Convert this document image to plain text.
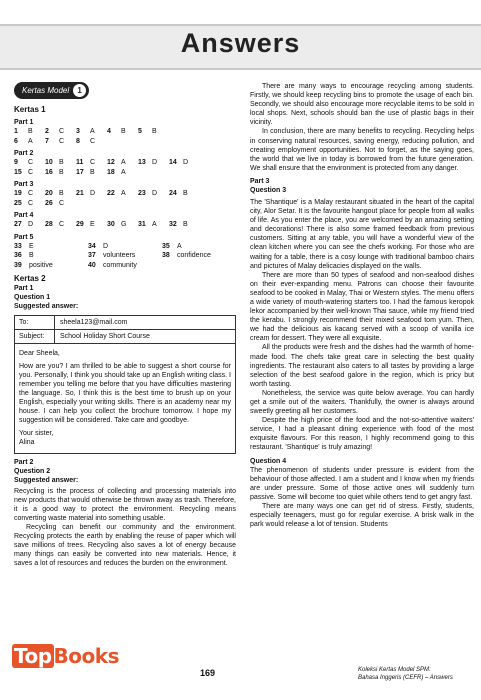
Answers
Kertas Model	1
Kertas 1
Part 1
1	B	2	C	3	A	4	B	5	B
6	A	7	C	8	C
Part 2
9	C	10 B	11 C	12 A	13 D	14 D
15 C	16 B	17 B	18 A
Part 3
19 C	20 B	21 D	22 A	23 D	24 B
25 C	26 C
Part 4
27 D	28 C	29 E	30 G	31 A	32 B
Part 5
33	E	34	D	35	A
36	B	37	volunteers	38	confidence
39	positive	40	community
Kertas 2
Part 1
Question 1
Suggested answer:
To:	sheela123@mail.com
Subject:	School Holiday Short Course

Dear Sheela,

How are you? I am thrilled to be able to suggest a short course for you. Personally, I think you should take up an English writing class. I remember you telling me before that you have difficulties mastering the language. So, I think this is the best time to brush up on your English, especially your writing skills. There is an academy near my house. I can help you collect the brochure tomorrow. I hope my suggestion will be considered. Take care and goodbye.

Your sister,

Alina

Part 2
Question 2
Suggested answer:

Recycling is the process of collecting and processing materials into new products that would otherwise be thrown away as trash. Therefore, it is a good way to protect the environment. Recycling means converting waste material into something usable.

Recycling can benefit our community and the environment. Recycling protects the earth by enabling the reuse of paper which will save millions of trees. Recycling also saves a lot of energy because many things can easily be converted into new materials. Hence, it saves a lot of resources and reduces the burden on the environment.

There are many ways to encourage recycling among students. Firstly, we should keep recycling bins to promote the usage of each bin. Secondly, we should also encourage more recyclable items to be sold in local shops. Next, schools should ban the use of plastic bags in their vicinity.

In conclusion, there are many benefits to recycling. Recycling helps in conserving natural resources, saving energy, reducing pollution, and creating employment opportunities. Not to forget, as the saying goes, the world that we live in today is borrowed from the future generation. We shall ensure that the environment is protected from any danger.

Part 3
Question 3

The 'Shantique' is a Malay restaurant situated in the heart of the capital city, Alor Setar. It is the favourite hangout place for people from all walks of life. As you enter the place, you are welcomed by an amazing setting and decorations! There is also some framed feedback from previous customers. Sitting at any table, you will have a wonderful view of the clean kitchen where you can see the chefs working. For those who are waiting for a table, there is a cosy lounge with traditional bamboo chairs and pictures of Malay delicacies displayed on the walls.

There are more than 50 types of seafood and non-seafood dishes on their ever-expanding menu. Patrons can choose their favourite seafood to be cooked in Malay, Thai or Western styles. The menu offers a wide variety of mouth-watering starters too. I had the famous keropok lekor accompanied by their well-known Thai sauce, while my friend tried the kerabu. I strongly recommend their mixed seafood tom yum. Then, we had the delicious ais kacang served with a scoop of vanilla ice cream for dessert. They were all exquisite.

All the products were fresh and the dishes had the warmth of home-made food. The chefs take great care in selecting the best quality ingredients. The restaurant also caters to all tastes by providing a large selection of the best seafood galore in the region, which is pricy but worth tasting.

Nonetheless, the service was quite below average. You can hardly get a smile out of the waiters. Thankfully, the owner is always around sweetly greeting all her customers.

Despite the high price of the food and the not-so-attentive waiters' service, I had a pleasant dining experience with food of the most exquisite flavours. For this reason, I highly recommend going to this restaurant. 'Shantique' is truly amazing!

Question 4

The phenomenon of students under pressure is evident from the behaviour of those affected. I am a student and I know when my friends are under pressure. Some of those active ones will suddenly turn passive. Some will become too quiet while others tend to get angry fast.

There are many ways one can get rid of stress. Firstly, students, especially teenagers, must go for regular exercise. A brisk walk in the park would release a lot of tension. Students

Top Books
169	Koleksi Kertas Model SPM:
Bahasa Inggeris (CEFR) – Answers
